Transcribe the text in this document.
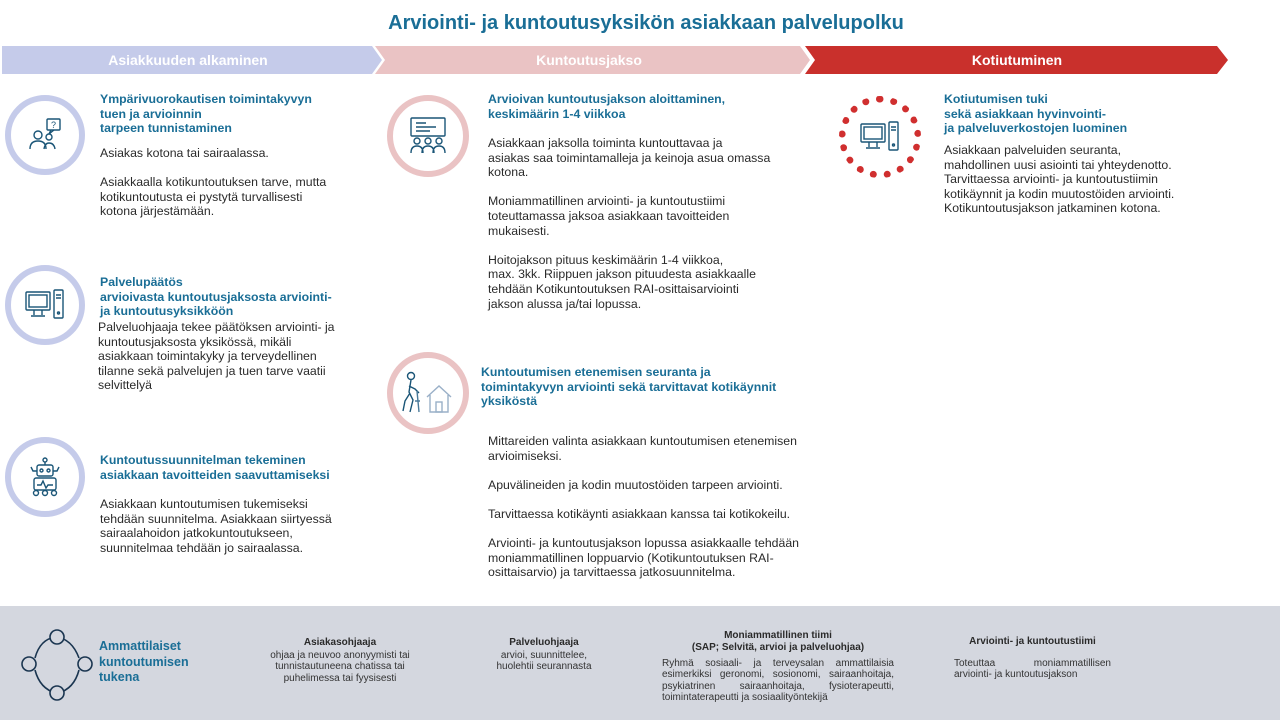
Arviointi- ja kuntoutusyksikön asiakkaan palvelupolku
Asiakkuuden alkaminen	Kuntoutusjakso	Kotiutuminen
?
Ympärivuorokautisen toimintakyvyn
tuen ja arvioinnin
tarpeen tunnistaminen
Asiakas kotona tai sairaalassa.

Asiakkaalla kotikuntoutuksen tarve, mutta
kotikuntoutusta ei pystytä turvallisesti
kotona järjestämään.
Palvelupäätös
arvioivasta kuntoutusjaksosta arviointi-
ja kuntoutusyksikköön
Palveluohjaaja tekee päätöksen arviointi- ja
kuntoutusjaksosta yksikössä, mikäli
asiakkaan toimintakyky ja terveydellinen
tilanne sekä palvelujen ja tuen tarve vaatii
selvittelyä
Kuntoutussuunnitelman tekeminen
asiakkaan tavoitteiden saavuttamiseksi
Asiakkaan kuntoutumisen tukemiseksi
tehdään suunnitelma. Asiakkaan siirtyessä
sairaalahoidon jatkokuntoutukseen,
suunnitelmaa tehdään jo sairaalassa.
Arvioivan kuntoutusjakson aloittaminen,
keskimäärin 1-4 viikkoa
Asiakkaan jaksolla toiminta kuntouttavaa ja
asiakas saa toimintamalleja ja keinoja asua omassa
kotona.

Moniammatillinen arviointi- ja kuntoutustiimi
toteuttamassa jaksoa asiakkaan tavoitteiden
mukaisesti.

Hoitojakson pituus keskimäärin 1-4 viikkoa,
max. 3kk. Riippuen jakson pituudesta asiakkaalle
tehdään Kotikuntoutuksen RAI-osittaisarviointi
jakson alussa ja/tai lopussa.
Kuntoutumisen etenemisen seuranta ja
toimintakyvyn arviointi sekä tarvittavat kotikäynnit
yksiköstä
Mittareiden valinta asiakkaan kuntoutumisen etenemisen
arvioimiseksi.

Apuvälineiden ja kodin muutostöiden tarpeen arviointi.

Tarvittaessa kotikäynti asiakkaan kanssa tai kotikokeilu.

Arviointi- ja kuntoutusjakson lopussa asiakkaalle tehdään
moniammatillinen loppuarvio (Kotikuntoutuksen RAI-
osittaisarvio) ja tarvittaessa jatkosuunnitelma.
Kotiutumisen tuki
sekä asiakkaan hyvinvointi-
ja palveluverkostojen luominen
Asiakkaan palveluiden seuranta,
mahdollinen uusi asiointi tai yhteydenotto.
Tarvittaessa arviointi- ja kuntoutustiimin
kotikäynnit ja kodin muutostöiden arviointi.
Kotikuntoutusjakson jatkaminen kotona.
Ammattilaiset
kuntoutumisen
tukena
Asiakasohjaaja
ohjaa ja neuvoo anonyymisti tai
tunnistautuneena chatissa tai
puhelimessa tai fyysisesti
Palveluohjaaja
arvioi, suunnittelee,
huolehtii seurannasta
Moniammatillinen tiimi
(SAP; Selvitä, arvioi ja palveluohjaa)
Ryhmä sosiaali- ja terveysalan ammattilaisia esimerkiksi geronomi, sosionomi, sairaanhoitaja, psykiatrinen sairaanhoitaja, fysioterapeutti, toimintaterapeutti ja sosiaalityöntekijä
Arviointi- ja kuntoutustiimi
Toteuttaa moniammatillisen arviointi- ja kuntoutusjakson
